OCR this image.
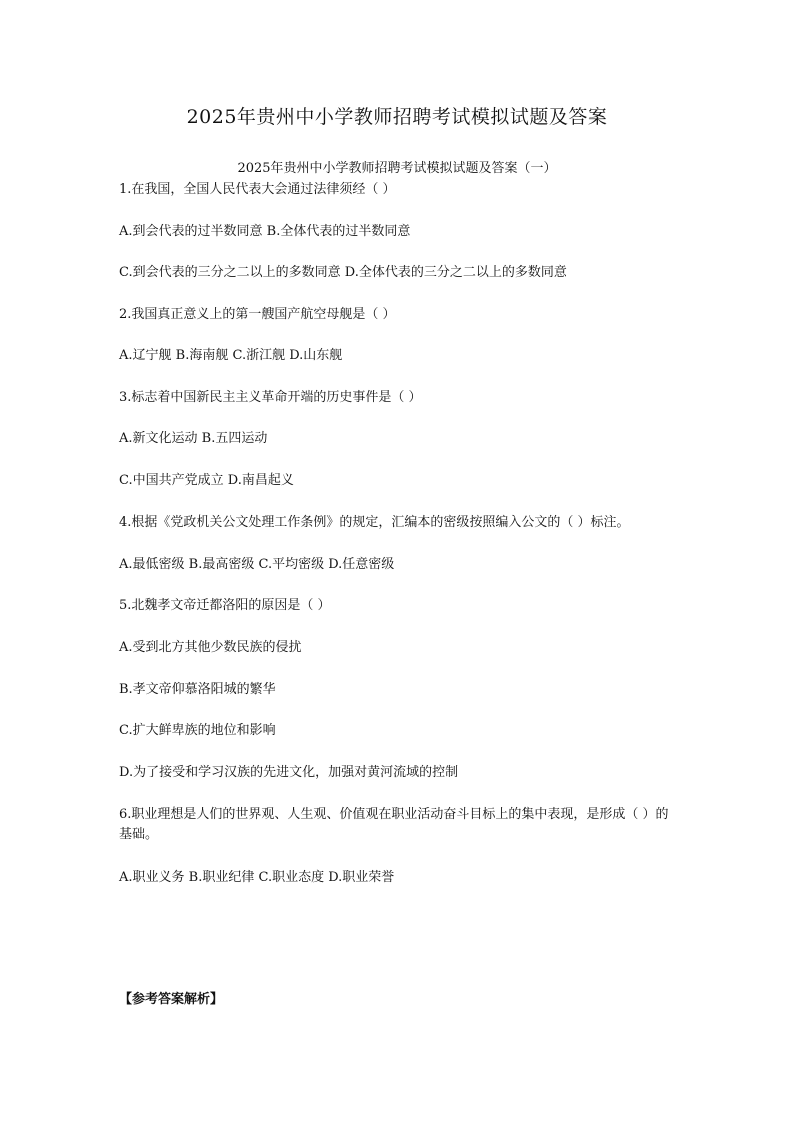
2025年贵州中小学教师招聘考试模拟试题及答案
2025年贵州中小学教师招聘考试模拟试题及答案（一）
1.在我国，全国人民代表大会通过法律须经（ ）
A.到会代表的过半数同意 B.全体代表的过半数同意
C.到会代表的三分之二以上的多数同意 D.全体代表的三分之二以上的多数同意
2.我国真正意义上的第一艘国产航空母舰是（ ）
A.辽宁舰 B.海南舰 C.浙江舰 D.山东舰
3.标志着中国新民主主义革命开端的历史事件是（ ）
A.新文化运动 B.五四运动
C.中国共产党成立 D.南昌起义
4.根据《党政机关公文处理工作条例》的规定，汇编本的密级按照编入公文的（ ）标注。
A.最低密级 B.最高密级 C.平均密级 D.任意密级
5.北魏孝文帝迁都洛阳的原因是（ ）
A.受到北方其他少数民族的侵扰
B.孝文帝仰慕洛阳城的繁华
C.扩大鲜卑族的地位和影响
D.为了接受和学习汉族的先进文化，加强对黄河流域的控制
6.职业理想是人们的世界观、人生观、价值观在职业活动奋斗目标上的集中表现，是形成（ ）的基础。
A.职业义务 B.职业纪律 C.职业态度 D.职业荣誉
【参考答案解析】
